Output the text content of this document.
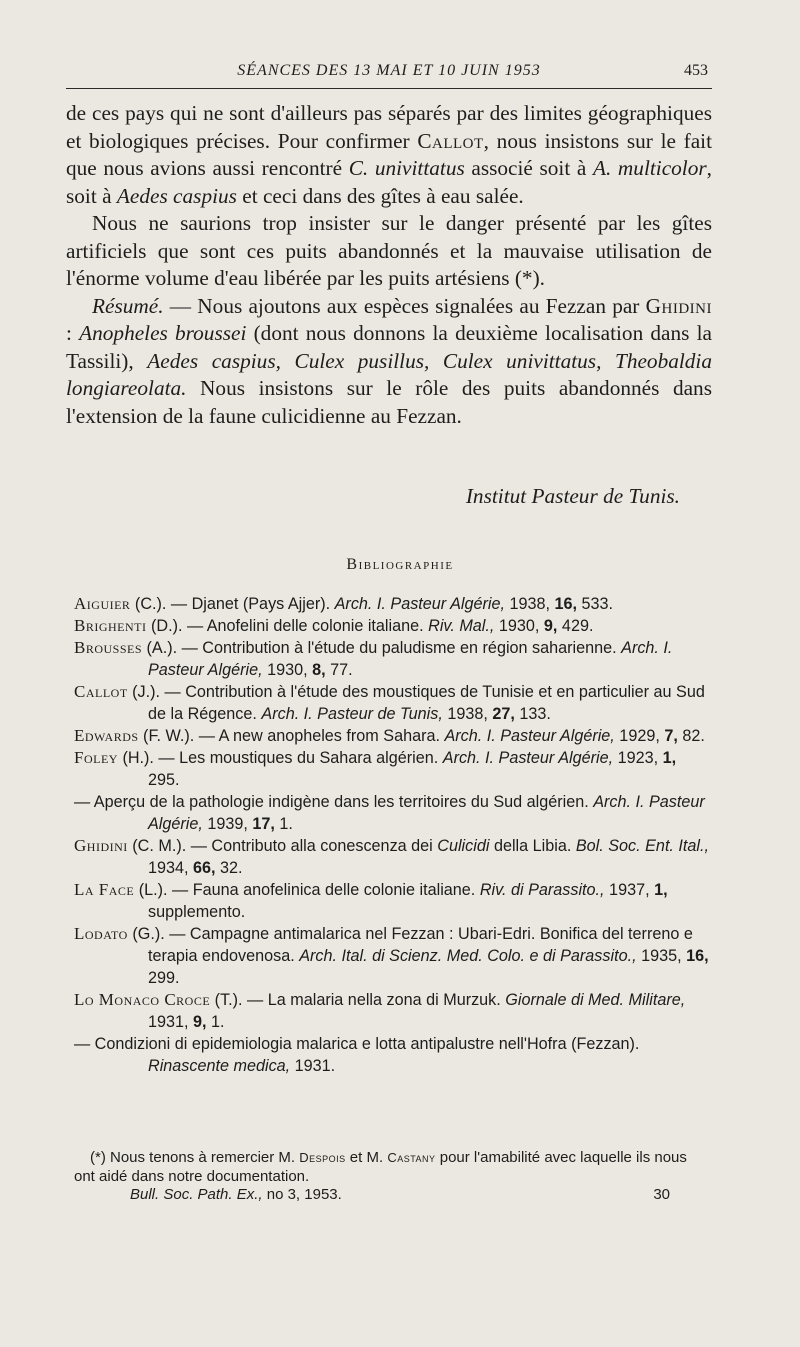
SÉANCES DES 13 MAI ET 10 JUIN 1953	453

de ces pays qui ne sont d'ailleurs pas séparés par des limites géographiques et biologiques précises. Pour confirmer Callot, nous insistons sur le fait que nous avions aussi rencontré C. univittatus associé soit à A. multicolor, soit à Aedes caspius et ceci dans des gîtes à eau salée.

Nous ne saurions trop insister sur le danger présenté par les gîtes artificiels que sont ces puits abandonnés et la mauvaise utilisation de l'énorme volume d'eau libérée par les puits artésiens (*).

Résumé. — Nous ajoutons aux espèces signalées au Fezzan par Ghidini : Anopheles broussei (dont nous donnons la deuxième localisation dans la Tassili), Aedes caspius, Culex pusillus, Culex univittatus, Theobaldia longiareolata. Nous insistons sur le rôle des puits abandonnés dans l'extension de la faune culicidienne au Fezzan.

Institut Pasteur de Tunis.
Bibliographie
Aiguier (C.). — Djanet (Pays Ajjer). Arch. I. Pasteur Algérie, 1938, 16, 533.
Brighenti (D.). — Anofelini delle colonie italiane. Riv. Mal., 1930, 9, 429.
Brousses (A.). — Contribution à l'étude du paludisme en région saharienne. Arch. I. Pasteur Algérie, 1930, 8, 77.
Callot (J.). — Contribution à l'étude des moustiques de Tunisie et en particulier au Sud de la Régence. Arch. I. Pasteur de Tunis, 1938, 27, 133.
Edwards (F. W.). — A new anopheles from Sahara. Arch. I. Pasteur Algérie, 1929, 7, 82.
Foley (H.). — Les moustiques du Sahara algérien. Arch. I. Pasteur Algérie, 1923, 1, 295.
— Aperçu de la pathologie indigène dans les territoires du Sud algérien. Arch. I. Pasteur Algérie, 1939, 17, 1.
Ghidini (C. M.). — Contributo alla conescenza dei Culicidi della Libia. Bol. Soc. Ent. Ital., 1934, 66, 32.
La Face (L.). — Fauna anofelinica delle colonie italiane. Riv. di Parassito., 1937, 1, supplemento.
Lodato (G.). — Campagne antimalarica nel Fezzan : Ubari-Edri. Bonifica del terreno e terapia endovenosa. Arch. Ital. di Scienz. Med. Colo. e di Parassito., 1935, 16, 299.
Lo Monaco Croce (T.). — La malaria nella zona di Murzuk. Giornale di Med. Militare, 1931, 9, 1.
— Condizioni di epidemiologia malarica e lotta antipalustre nell'Hofra (Fezzan). Rinascente medica, 1931.
(*) Nous tenons à remercier M. Despois et M. Castany pour l'amabilité avec laquelle ils nous ont aidé dans notre documentation.
Bull. Soc. Path. Ex., no 3, 1953.	30
